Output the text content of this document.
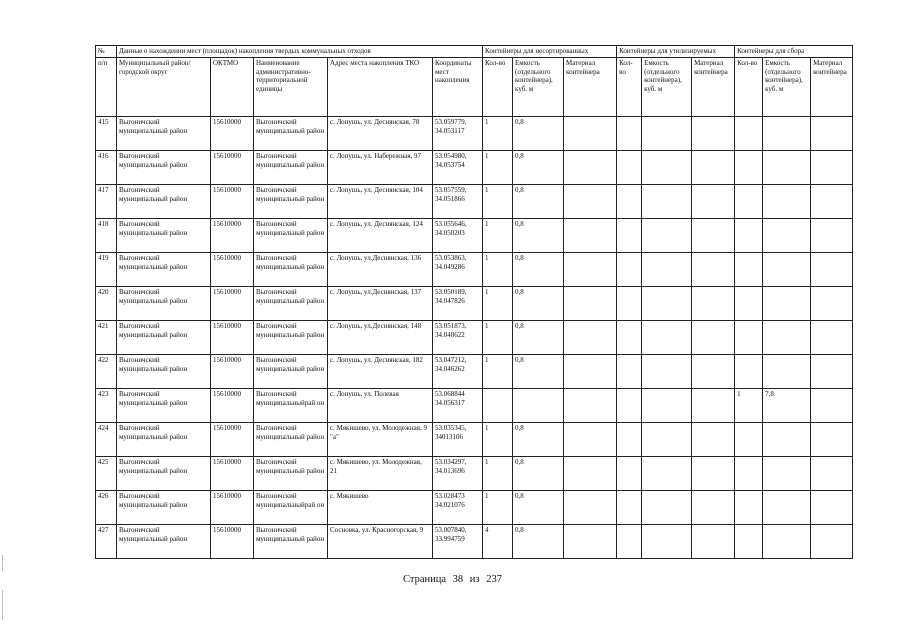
№	Данные о нахождении мест (площадок) накопления твердых коммунальных отходов					Контейнеры для несортированных			Контейнеры для утилизируемых			Контейнеры для сбора		
п/п	Муниципальный район/городской округ	ОКТМО	Наименование административно-территориальной единицы	Адрес места накопления ТКО	Координаты мест накопления	Кол-во	Емкость (отдельного контейнера), куб. м	Материал контейнера	Кол-во	Емкость (отдельного контейнера), куб. м	Материал контейнера	Кол-во	Емкость (отдельного контейнера), куб. м	Материал контейнера
415	Выгоничский муниципальный район	15610000	Выгоничский муниципальный район	с. Лопушь, ул. Деснянская, 78	53.059779, 34.053117	1	0,8							
416	Выгоничский муниципальный район	15610000	Выгоничский муниципальный район	с. Лопушь, ул. Набережная, 97	53.054980, 34.053754	1	0,8							
417	Выгоничский муниципальный район	15610000	Выгоничский муниципальный район	с. Лопушь, ул. Деснянская, 104	53.057559, 34.051866	1	0,8							
418	Выгоничский муниципальный район	15610000	Выгоничский муниципальный район	с. Лопушь, ул. Деснянская, 124	53.055646, 34.050203	1	0,8							
419	Выгоничский муниципальный район	15610000	Выгоничский муниципальный район	с. Лопушь, ул.Деснянская, 136	53.053863, 34.049286	1	0,8							
420	Выгоничский муниципальный район	15610000	Выгоничский муниципальный район	с. Лопушь, ул.Деснянская, 137	53.050189, 34.047826	1	0,8							
421	Выгоничский муниципальный район	15610000	Выгоничский муниципальный район	с. Лопушь, ул.Деснянская, 148	53.051873, 34.048622	1	0,8							
422	Выгоничский муниципальный район	15610000	Выгоничский муниципальный район	с. Лопушь, ул. Деснянская, 182	53.047212, 34.046262	1	0,8							
423	Выгоничский муниципальный район	15610000	Выгоничский муниципальныйрай он	с. Лопушь, ул. Полевая	53.068844 34.056317							1	7,8	
424	Выгоничский муниципальный район	15610000	Выгоничский муниципальный район	с. Мякишево, ул. Молодежная, 9 "а"	53.035345, 34013106	1	0,8							
425	Выгоничский муниципальный район	15610000	Выгоничский муниципальный район	с. Мякишево, ул. Молодежная, 21	53.034297, 34.013696	1	0,8							
426	Выгоничский муниципальный район	15610000	Выгоничский муниципальныйрай он	с. Мякишево	53.028473 34.021076	1	0,8							
427	Выгоничский муниципальный район	15610000	Выгоничский муниципальный район	Сосновка, ул. Красногорская, 9	53.007840, 33.994759	4	0,8							
Страница 38 из 237
